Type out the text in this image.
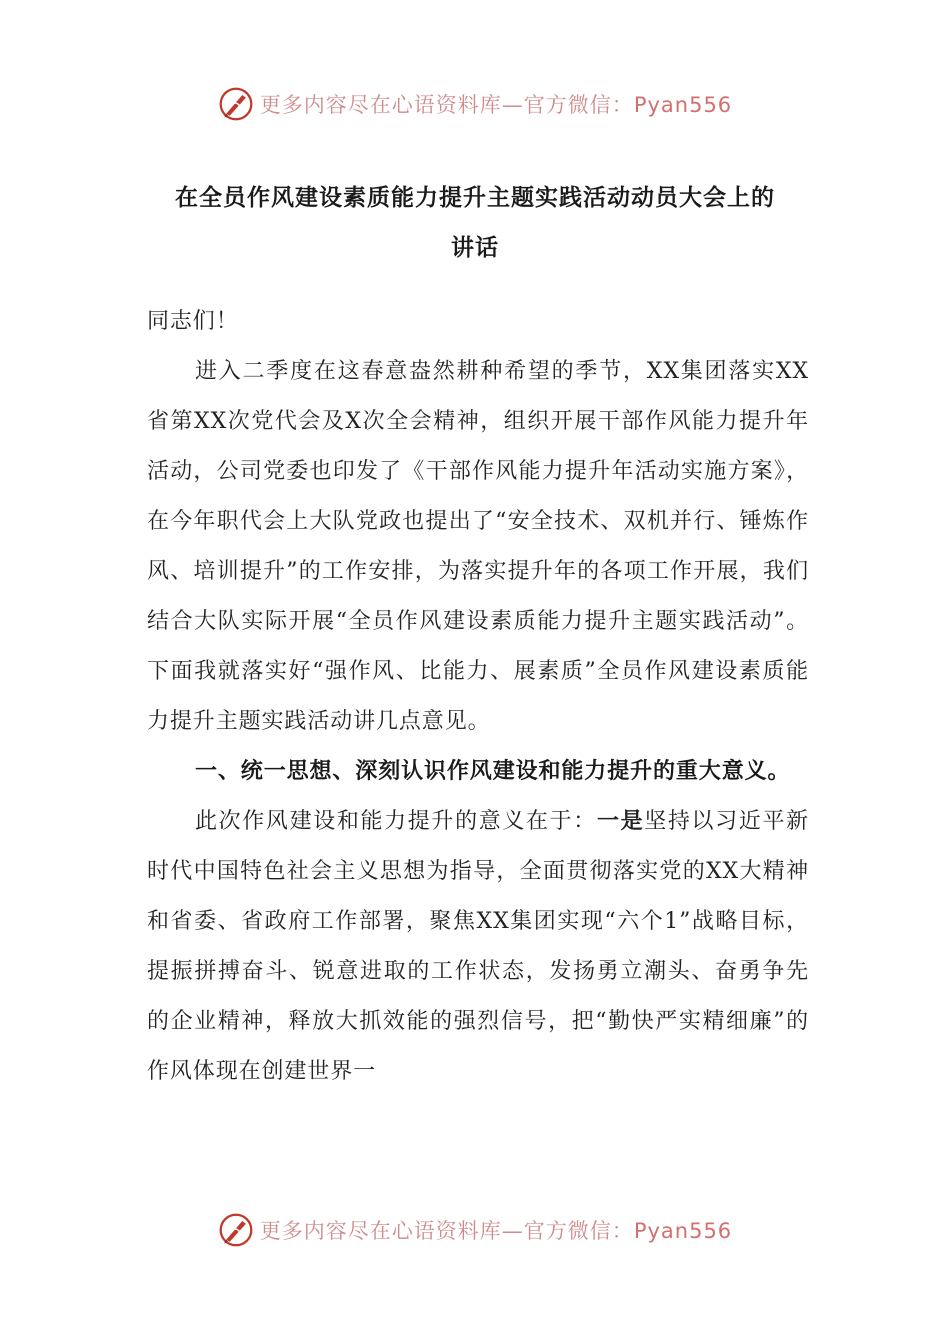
更多内容尽在心语资料库—官方微信：Pyan556
在全员作风建设素质能力提升主题实践活动动员大会上的
讲话

同志们！

进入二季度在这春意盎然耕种希望的季节，XX集团落实XX省第XX次党代会及X次全会精神，组织开展干部作风能力提升年活动，公司党委也印发了《干部作风能力提升年活动实施方案》，在今年职代会上大队党政也提出了“安全技术、双机并行、锤炼作风、培训提升”的工作安排，为落实提升年的各项工作开展，我们结合大队实际开展“全员作风建设素质能力提升主题实践活动”。下面我就落实好“强作风、比能力、展素质”全员作风建设素质能力提升主题实践活动讲几点意见。

一、统一思想、深刻认识作风建设和能力提升的重大意义。

此次作风建设和能力提升的意义在于：一是坚持以习近平新时代中国特色社会主义思想为指导，全面贯彻落实党的XX大精神和省委、省政府工作部署，聚焦XX集团实现“六个1”战略目标，提振拼搏奋斗、锐意进取的工作状态，发扬勇立潮头、奋勇争先的企业精神，释放大抓效能的强烈信号，把“勤快严实精细廉”的作风体现在创建世界一

更多内容尽在心语资料库—官方微信：Pyan556
